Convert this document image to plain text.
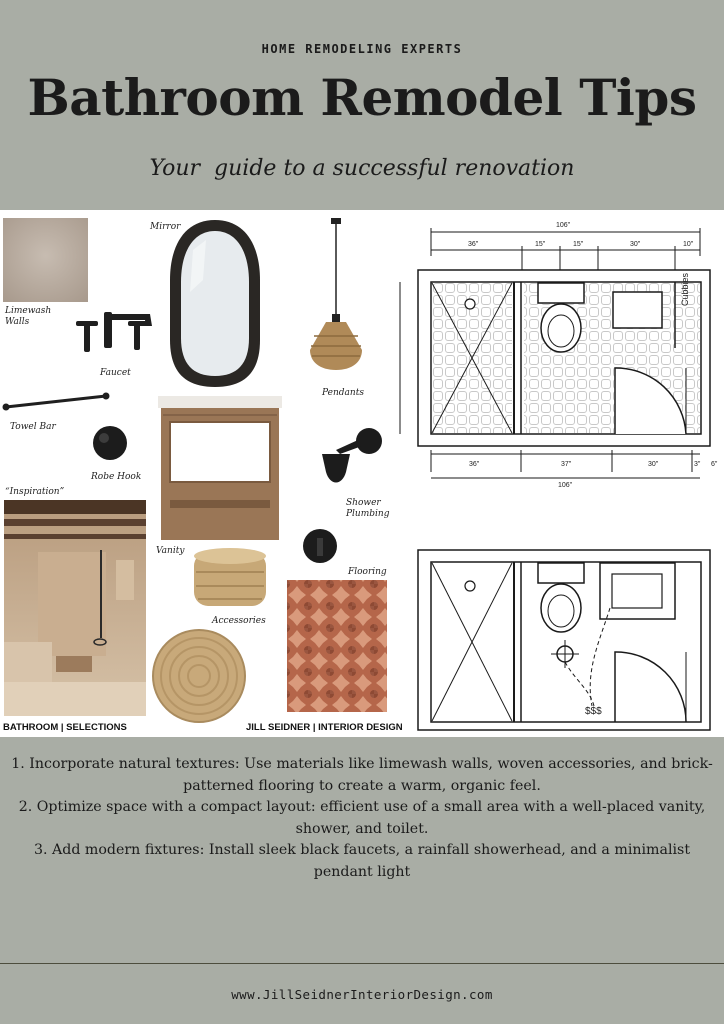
HOME REMODELING EXPERTS
Bathroom Remodel Tips
Your  guide to a successful renovation
Limewash Walls
Mirror
Faucet
Pendants
Towel Bar
Robe Hook
“Inspiration”
Shower Plumbing
Vanity
Accessories
Flooring
Cubbies
106"
36"	15"	15"	30"	10"
36"	37"	30"	3" 6"
106"
$$$
BATHROOM | SELECTIONS	JILL SEIDNER | INTERIOR DESIGN
1. Incorporate natural textures: Use materials like limewash walls, woven accessories, and brick-patterned flooring to create a warm, organic feel.
2. Optimize space with a compact layout: efficient use of a small area with a well-placed vanity, shower, and toilet.
3. Add modern fixtures: Install sleek black faucets, a rainfall showerhead, and a minimalist pendant light
www.JillSeidnerInteriorDesign.com
